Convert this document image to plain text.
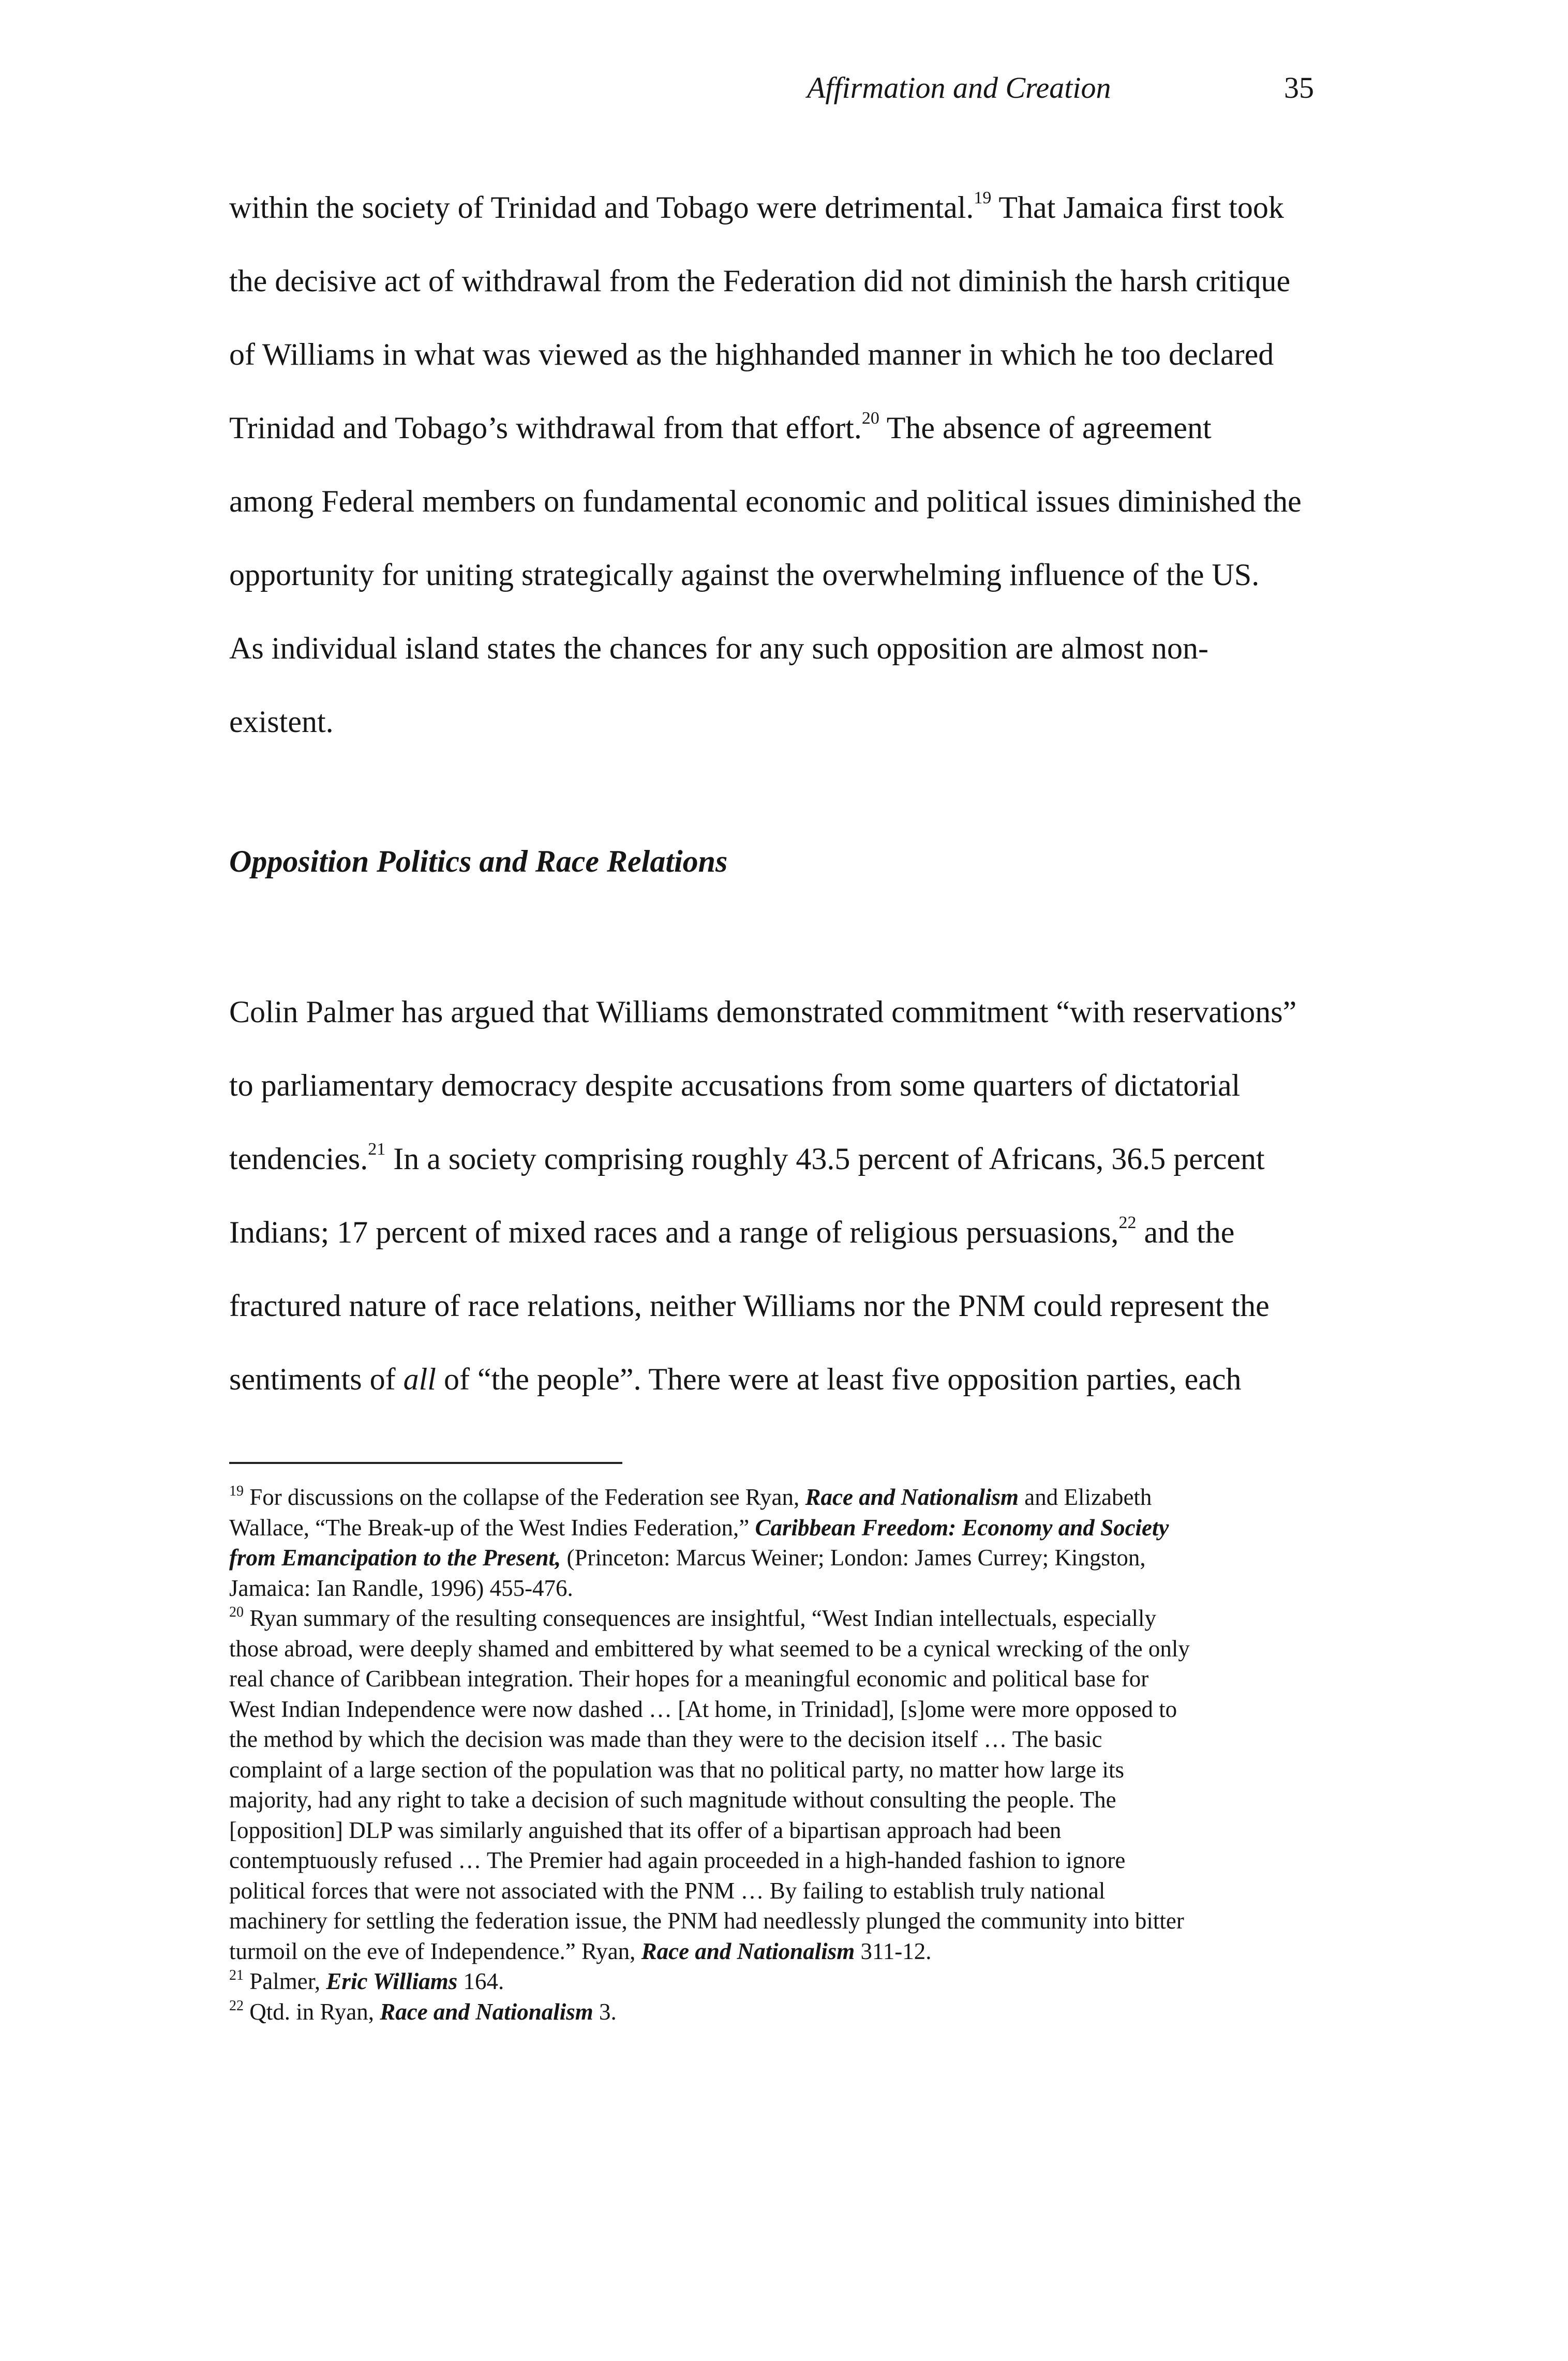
Affirmation and Creation	35
within the society of Trinidad and Tobago were detrimental.$^{19}$ That Jamaica first took
the decisive act of withdrawal from the Federation did not diminish the harsh critique
of Williams in what was viewed as the highhanded manner in which he too declared
Trinidad and Tobago’s withdrawal from that effort.$^{20}$ The absence of agreement
among Federal members on fundamental economic and political issues diminished the
opportunity for uniting strategically against the overwhelming influence of the US.
As individual island states the chances for any such opposition are almost non-
existent.
Opposition Politics and Race Relations
Colin Palmer has argued that Williams demonstrated commitment “with reservations”
to parliamentary democracy despite accusations from some quarters of dictatorial
tendencies.$^{21}$ In a society comprising roughly 43.5 percent of Africans, 36.5 percent
Indians; 17 percent of mixed races and a range of religious persuasions,$^{22}$ and the
fractured nature of race relations, neither Williams nor the PNM could represent the
sentiments of all of “the people”. There were at least five opposition parties, each
$^{19}$ For discussions on the collapse of the Federation see Ryan, Race and Nationalism and Elizabeth
Wallace, “The Break-up of the West Indies Federation,” Caribbean Freedom: Economy and Society
from Emancipation to the Present, (Princeton: Marcus Weiner; London: James Currey; Kingston,
Jamaica: Ian Randle, 1996) 455-476.
$^{20}$ Ryan summary of the resulting consequences are insightful, “West Indian intellectuals, especially
those abroad, were deeply shamed and embittered by what seemed to be a cynical wrecking of the only
real chance of Caribbean integration. Their hopes for a meaningful economic and political base for
West Indian Independence were now dashed … [At home, in Trinidad], [s]ome were more opposed to
the method by which the decision was made than they were to the decision itself … The basic
complaint of a large section of the population was that no political party, no matter how large its
majority, had any right to take a decision of such magnitude without consulting the people. The
[opposition] DLP was similarly anguished that its offer of a bipartisan approach had been
contemptuously refused … The Premier had again proceeded in a high-handed fashion to ignore
political forces that were not associated with the PNM … By failing to establish truly national
machinery for settling the federation issue, the PNM had needlessly plunged the community into bitter
turmoil on the eve of Independence.” Ryan, Race and Nationalism 311-12.
$^{21}$ Palmer, Eric Williams 164.
$^{22}$ Qtd. in Ryan, Race and Nationalism 3.
